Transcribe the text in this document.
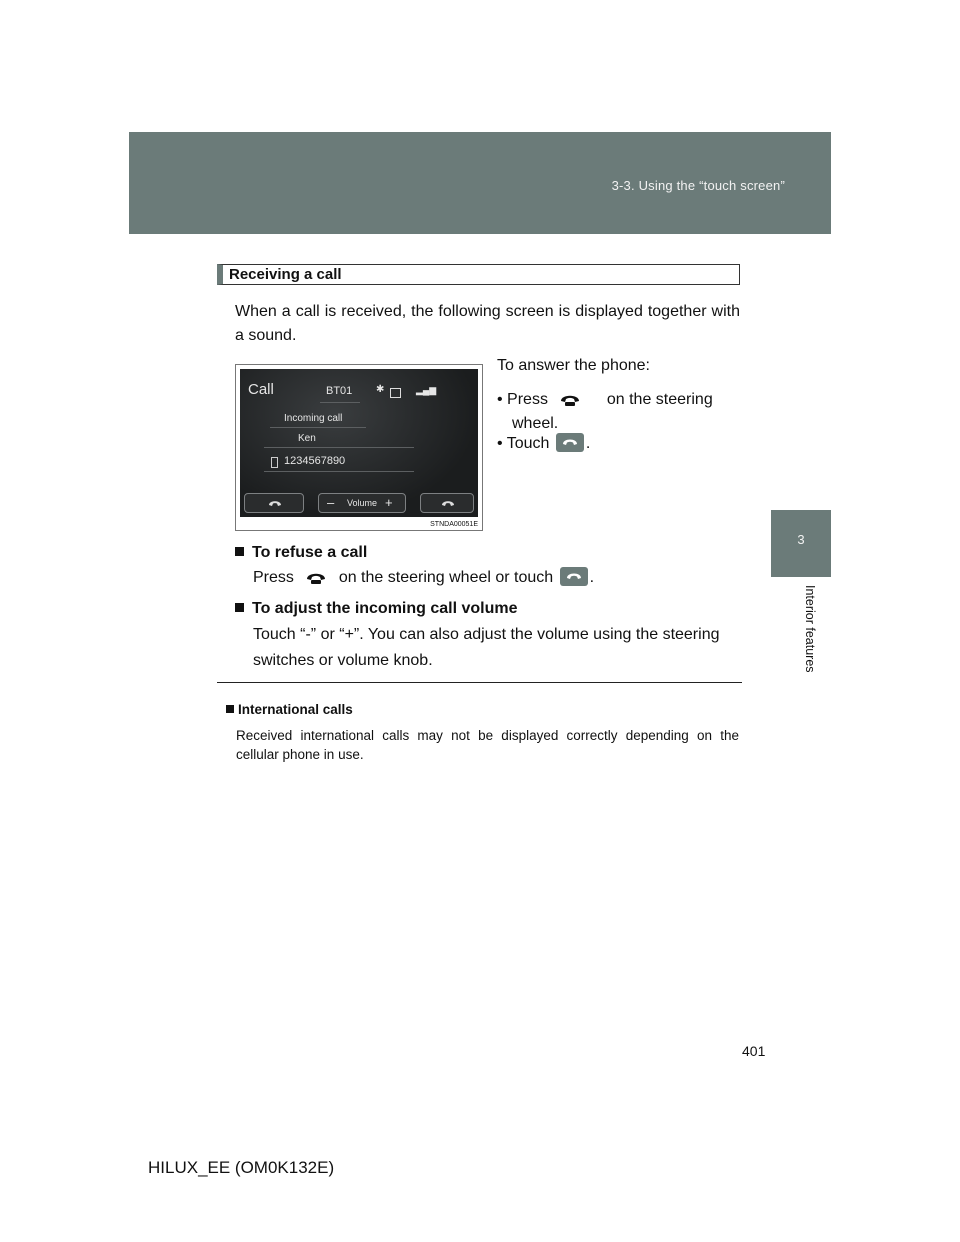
3-3. Using the “touch screen”
3
Interior features
Receiving a call
When a call is received, the following screen is displayed together with a sound.
To answer the phone:
• Press	on the steering
wheel.
• Touch .
Call	BT01 ✱	▂▄▆
Incoming call
Ken
1234567890
– Volume +
STNDA00051E
To refuse a call
Press	on the steering wheel or touch .
To adjust the incoming call volume
Touch “-” or “+”. You can also adjust the volume using the steering switches or volume knob.
International calls
Received international calls may not be displayed correctly depending on the cellular phone in use.
401
HILUX_EE (OM0K132E)
